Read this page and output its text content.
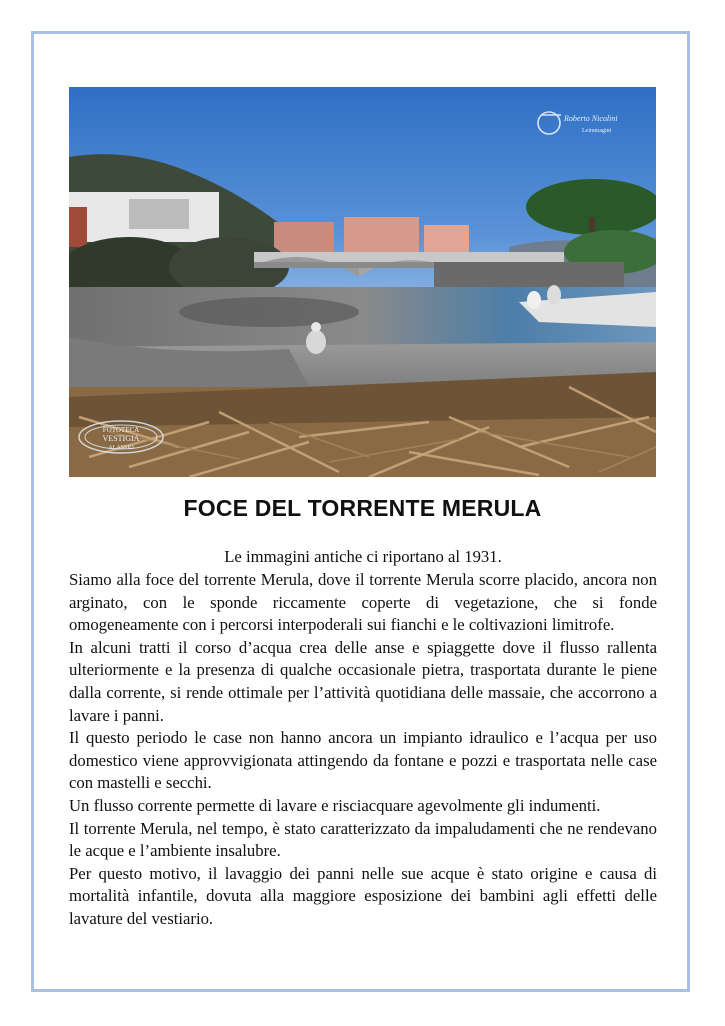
FOTOTECA
VESTIGIA
ALASSIO
Roberto Nicolini
Leimmagini
FOCE DEL TORRENTE MERULA
Le immagini antiche ci riportano al 1931.

Siamo alla foce del torrente Merula, dove il torrente Merula scorre placido, ancora non arginato, con le sponde riccamente coperte di vegetazione, che si fonde omogeneamente con i percorsi interpoderali sui fianchi e le coltivazioni limitrofe.

In alcuni tratti il corso d’acqua crea delle anse e spiaggette dove il flusso rallenta ulteriormente e la presenza di qualche occasionale pietra, trasportata durante le piene dalla corrente, si rende ottimale per l’attività quotidiana delle massaie, che accorrono a lavare i panni.

Il questo periodo le case non hanno ancora un impianto idraulico e l’acqua per uso domestico viene approvvigionata attingendo da fontane e pozzi e trasportata nelle case con mastelli e secchi.

Un flusso corrente permette di lavare e risciacquare agevolmente gli indumenti.

Il torrente Merula, nel tempo, è stato caratterizzato da impaludamenti che ne rendevano le acque e l’ambiente insalubre.

Per questo motivo, il lavaggio dei panni nelle sue acque è stato origine e causa di mortalità infantile, dovuta alla maggiore esposizione dei bambini agli effetti delle lavature del vestiario.
